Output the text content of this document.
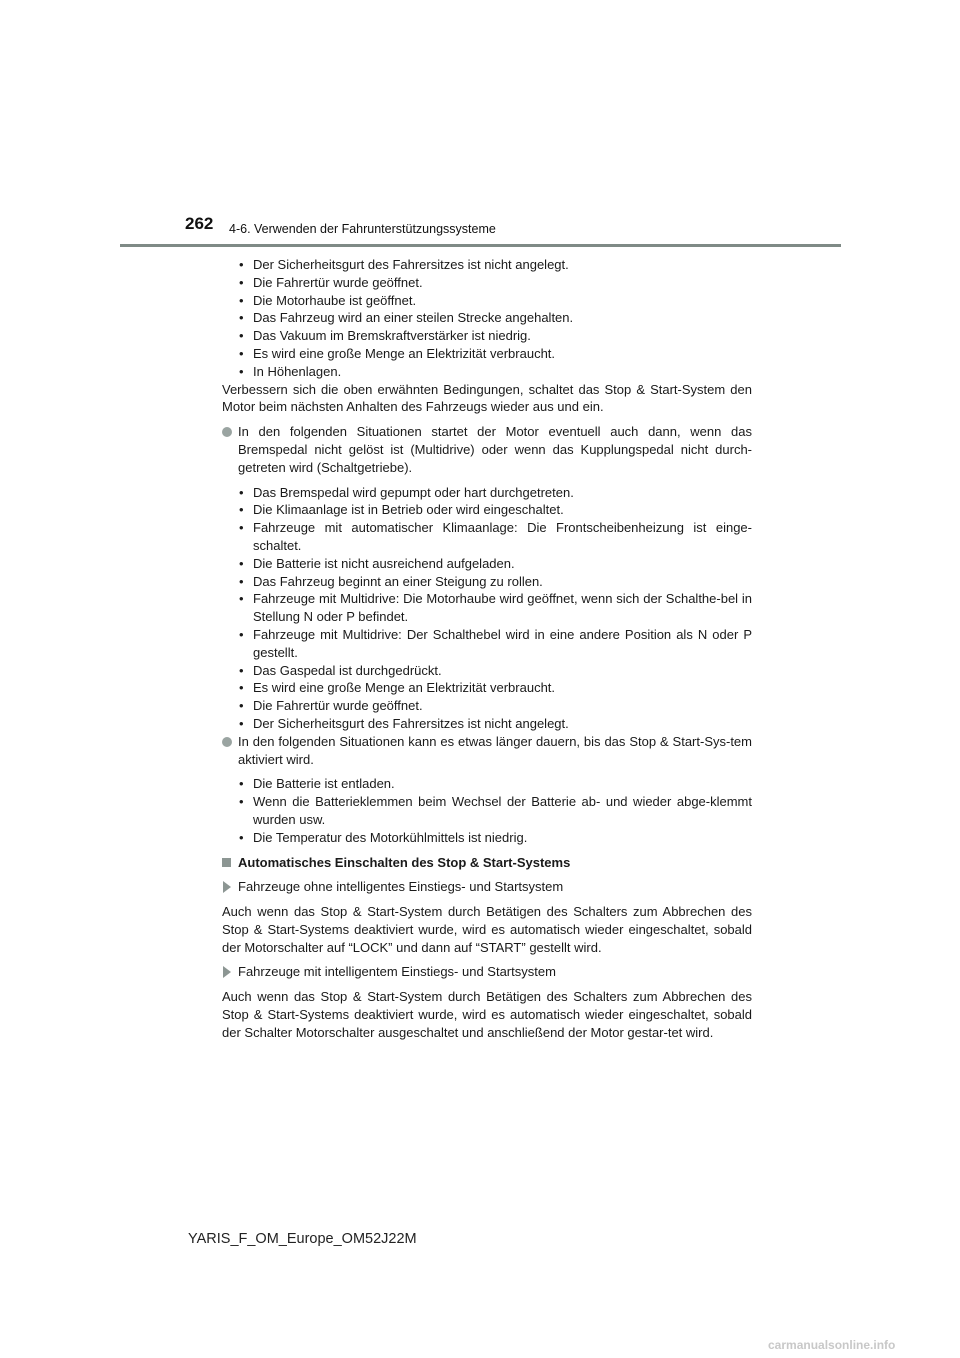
262 4-6. Verwenden der Fahrunterstützungssysteme
• Der Sicherheitsgurt des Fahrersitzes ist nicht angelegt.
• Die Fahrertür wurde geöffnet.
• Die Motorhaube ist geöffnet.
• Das Fahrzeug wird an einer steilen Strecke angehalten.
• Das Vakuum im Bremskraftverstärker ist niedrig.
• Es wird eine große Menge an Elektrizität verbraucht.
• In Höhenlagen.

Verbessern sich die oben erwähnten Bedingungen, schaltet das Stop & Start-System den Motor beim nächsten Anhalten des Fahrzeugs wieder aus und ein.

In den folgenden Situationen startet der Motor eventuell auch dann, wenn das Bremspedal nicht gelöst ist (Multidrive) oder wenn das Kupplungspedal nicht durch-getreten wird (Schaltgetriebe).

• Das Bremspedal wird gepumpt oder hart durchgetreten.
• Die Klimaanlage ist in Betrieb oder wird eingeschaltet.
• Fahrzeuge mit automatischer Klimaanlage: Die Frontscheibenheizung ist einge-schaltet.
• Die Batterie ist nicht ausreichend aufgeladen.
• Das Fahrzeug beginnt an einer Steigung zu rollen.
• Fahrzeuge mit Multidrive: Die Motorhaube wird geöffnet, wenn sich der Schalthe-bel in Stellung N oder P befindet.
• Fahrzeuge mit Multidrive: Der Schalthebel wird in eine andere Position als N oder P gestellt.
• Das Gaspedal ist durchgedrückt.
• Es wird eine große Menge an Elektrizität verbraucht.
• Die Fahrertür wurde geöffnet.
• Der Sicherheitsgurt des Fahrersitzes ist nicht angelegt.

In den folgenden Situationen kann es etwas länger dauern, bis das Stop & Start-Sys-tem aktiviert wird.

• Die Batterie ist entladen.
• Wenn die Batterieklemmen beim Wechsel der Batterie ab- und wieder abge-klemmt wurden usw.
• Die Temperatur des Motorkühlmittels ist niedrig.

Automatisches Einschalten des Stop & Start-Systems

Fahrzeuge ohne intelligentes Einstiegs- und Startsystem

Auch wenn das Stop & Start-System durch Betätigen des Schalters zum Abbrechen des Stop & Start-Systems deaktiviert wurde, wird es automatisch wieder eingeschaltet, sobald der Motorschalter auf “LOCK” und dann auf “START” gestellt wird.

Fahrzeuge mit intelligentem Einstiegs- und Startsystem

Auch wenn das Stop & Start-System durch Betätigen des Schalters zum Abbrechen des Stop & Start-Systems deaktiviert wurde, wird es automatisch wieder eingeschaltet, sobald der Schalter Motorschalter ausgeschaltet und anschließend der Motor gestar-tet wird.

YARIS_F_OM_Europe_OM52J22M
carmanualsonline.info
